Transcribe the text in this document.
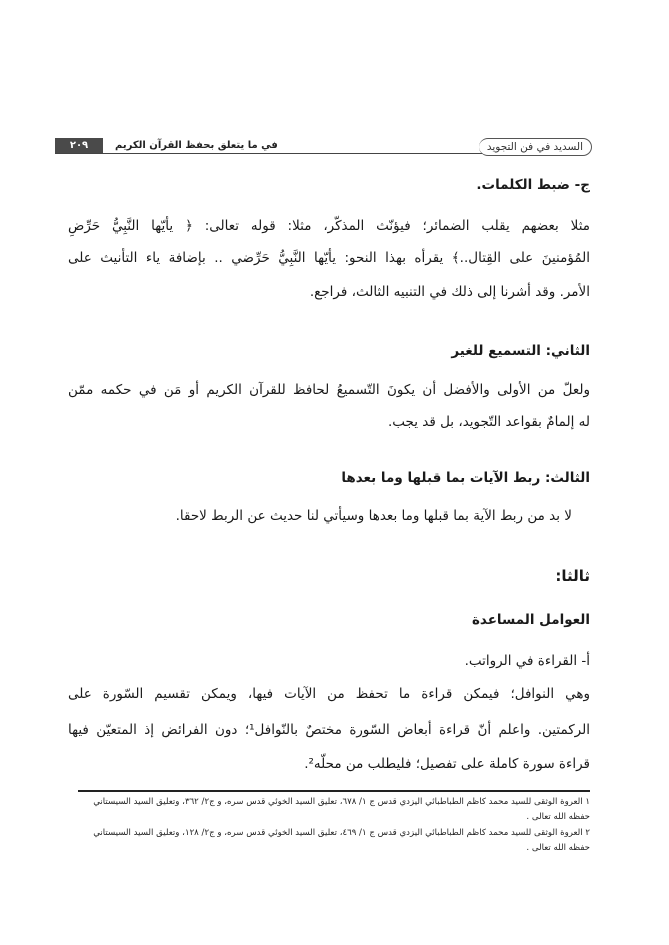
السديد في فن التجويد
في ما يتعلق بحفظ القرآن الكريم
٢٠٩
ج- ضبط الكلمات.
مثلا بعضهم يقلب الضمائر؛ فيؤنّث المذكّر، مثلا: قوله تعالى: ﴿ يأيّها النَّبِيُّ حَرِّضِ
المُؤمنينَ على القِتال..﴾ يقرأه بهذا النحو: يأيّها النَّبِيُّ حَرِّضي .. بإضافة ياء التأنيث على
الأمر. وقد أشرنا إلى ذلك في التنبيه الثالث، فراجع.
الثاني: التسميع للغير
ولعلّ من الأولى والأفضل أن يكونَ التّسميعُ لحافظ للقرآن الكريم أو مَن في حكمه ممّن
له إلمامٌ بقواعد التّجويد، بل قد يجب.
الثالث: ربط الآيات بما قبلها وما بعدها
لا بد من ربط الآية بما قبلها وما بعدها وسيأتي لنا حديث عن الربط لاحقا.
ثالثا:
العوامل المساعدة
أ- القراءة في الرواتب.
وهي النوافل؛ فيمكن قراءة ما تحفظ من الآيات فيها، ويمكن تقسيم السّورة على
الركمتين. واعلم أنّ قراءة أبعاض السّورة مختصٌ بالنّوافل¹؛ دون الفرائض إذ المتعيّن فيها
قراءة سورة كاملة على تفصيل؛ فليطلب من محلّه².
١ العروة الوثقى للسيد محمد كاظم الطباطبائي اليزدي قدس ج ١/ ٦٧٨، تعليق السيد الخوئي قدس سره، و ج٢/ ٣٦٢، وتعليق السيد السيستاني
حفظه الله تعالى .
٢ العروة الوثقى للسيد محمد كاظم الطباطبائي اليزدي قدس ج ١/ ٤٦٩، تعليق السيد الخوئي قدس سره، و ج٢/ ١٢٨، وتعليق السيد السيستاني
حفظه الله تعالى .
